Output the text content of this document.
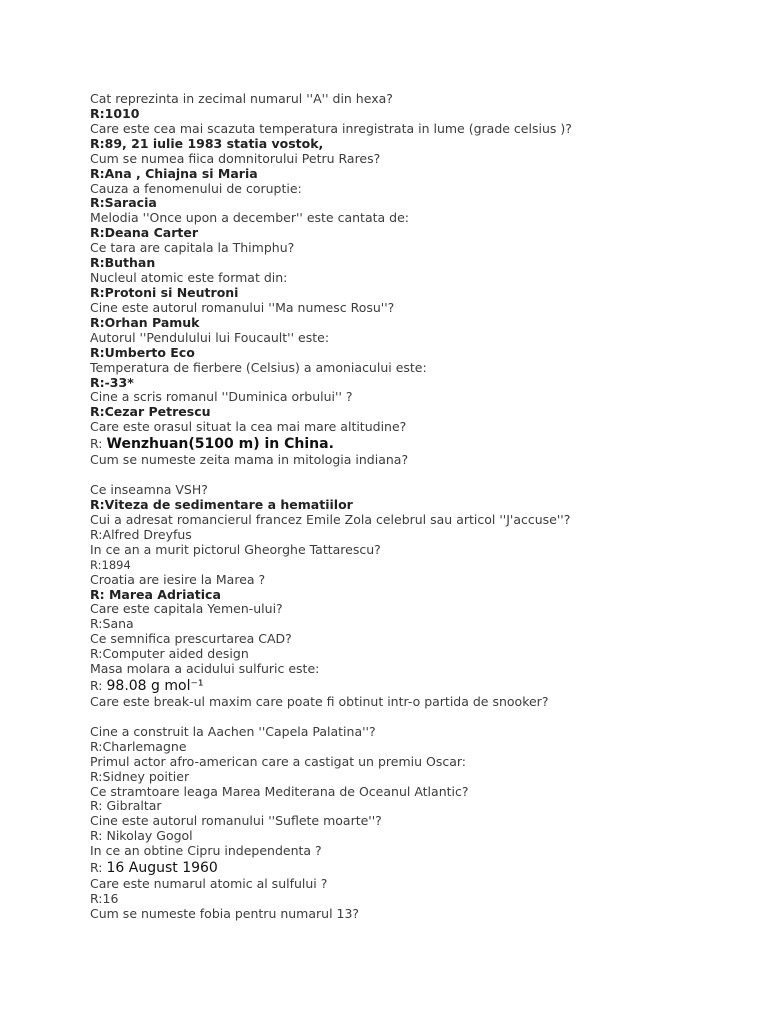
Cat reprezinta in zecimal numarul ''A'' din hexa?
R:1010
Care este cea mai scazuta temperatura inregistrata in lume (grade celsius )?
R:89, 21 iulie 1983 statia vostok,
Cum se numea fiica domnitorului Petru Rares?
R:Ana , Chiajna si Maria
Cauza a fenomenului de coruptie:
R:Saracia
Melodia ''Once upon a december'' este cantata de:
R:Deana Carter
Ce tara are capitala la Thimphu?
R:Buthan
Nucleul atomic este format din:
R:Protoni si Neutroni
Cine este autorul romanului ''Ma numesc Rosu''?
R:Orhan Pamuk
Autorul ''Pendulului lui Foucault'' este:
R:Umberto Eco
Temperatura de fierbere (Celsius) a amoniacului este:
R:-33*
Cine a scris romanul ''Duminica orbului'' ?
R:Cezar Petrescu
Care este orasul situat la cea mai mare altitudine?
R: Wenzhuan(5100 m) in China.
Cum se numeste zeita mama in mitologia indiana?
Ce inseamna VSH?
R:Viteza de sedimentare a hematiilor
Cui a adresat romancierul francez Emile Zola celebrul sau articol ''J'accuse''?
R:Alfred Dreyfus
In ce an a murit pictorul Gheorghe Tattarescu?
R:1894
Croatia are iesire la Marea ?
R: Marea Adriatica
Care este capitala Yemen-ului?
R:Sana
Ce semnifica prescurtarea CAD?
R:Computer aided design
Masa molara a acidului sulfuric este:
R: 98.08 g mol⁻¹
Care este break-ul maxim care poate fi obtinut intr-o partida de snooker?
Cine a construit la Aachen ''Capela Palatina''?
R:Charlemagne
Primul actor afro-american care a castigat un premiu Oscar:
R:Sidney poitier
Ce stramtoare leaga Marea Mediterana de Oceanul Atlantic?
R: Gibraltar
Cine este autorul romanului ''Suflete moarte''?
R: Nikolay Gogol
In ce an obtine Cipru independenta ?
R: 16 August 1960
Care este numarul atomic al sulfului ?
R:16
Cum se numeste fobia pentru numarul 13?
